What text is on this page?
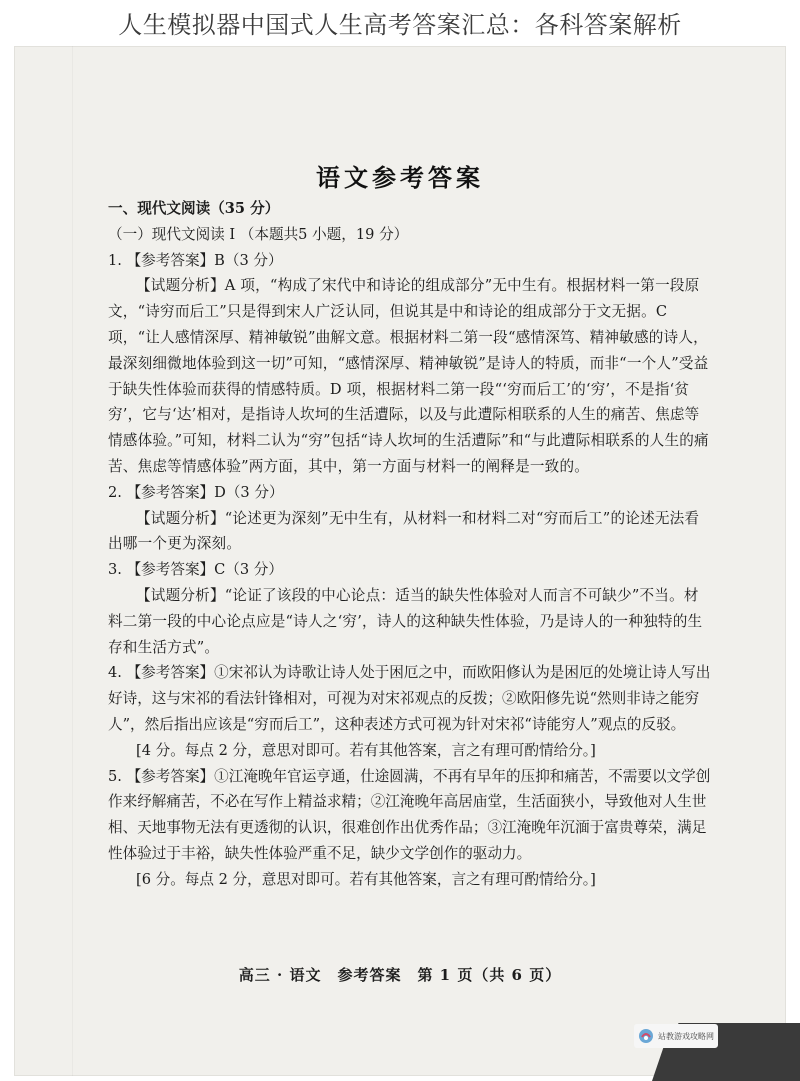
人生模拟器中国式人生高考答案汇总：各科答案解析
语文参考答案

一、现代文阅读（35 分）

（一）现代文阅读 I （本题共5 小题，19 分）

1. 【参考答案】B（3 分）

【试题分析】A 项，“构成了宋代中和诗论的组成部分”无中生有。根据材料一第一段原文，“诗穷而后工”只是得到宋人广泛认同，但说其是中和诗论的组成部分于文无据。C 项，“让人感情深厚、精神敏锐”曲解文意。根据材料二第一段“感情深笃、精神敏感的诗人，最深刻细微地体验到这一切”可知，“感情深厚、精神敏锐”是诗人的特质，而非“一个人”受益于缺失性体验而获得的情感特质。D 项，根据材料二第一段“‘穷而后工’的‘穷’，不是指‘贫穷’，它与‘达’相对，是指诗人坎坷的生活遭际，以及与此遭际相联系的人生的痛苦、焦虑等情感体验。”可知，材料二认为“穷”包括“诗人坎坷的生活遭际”和“与此遭际相联系的人生的痛苦、焦虑等情感体验”两方面，其中，第一方面与材料一的阐释是一致的。

2. 【参考答案】D（3 分）

【试题分析】“论述更为深刻”无中生有，从材料一和材料二对“穷而后工”的论述无法看出哪一个更为深刻。

3. 【参考答案】C（3 分）

【试题分析】“论证了该段的中心论点：适当的缺失性体验对人而言不可缺少”不当。材料二第一段的中心论点应是“诗人之‘穷’，诗人的这种缺失性体验，乃是诗人的一种独特的生存和生活方式”。

4. 【参考答案】①宋祁认为诗歌让诗人处于困厄之中，而欧阳修认为是困厄的处境让诗人写出好诗，这与宋祁的看法针锋相对，可视为对宋祁观点的反拨；②欧阳修先说“然则非诗之能穷人”，然后指出应该是“穷而后工”，这种表述方式可视为针对宋祁“诗能穷人”观点的反驳。

[4 分。每点 2 分，意思对即可。若有其他答案，言之有理可酌情给分。]

5. 【参考答案】①江淹晚年官运亨通，仕途圆满，不再有早年的压抑和痛苦，不需要以文学创作来纾解痛苦，不必在写作上精益求精；②江淹晚年高居庙堂，生活面狭小，导致他对人生世相、天地事物无法有更透彻的认识，很难创作出优秀作品；③江淹晚年沉湎于富贵尊荣，满足性体验过于丰裕，缺失性体验严重不足，缺少文学创作的驱动力。

[6 分。每点 2 分，意思对即可。若有其他答案，言之有理可酌情给分。]

高三 · 语文　参考答案　第 1 页（共 6 页）
站教游戏攻略网
